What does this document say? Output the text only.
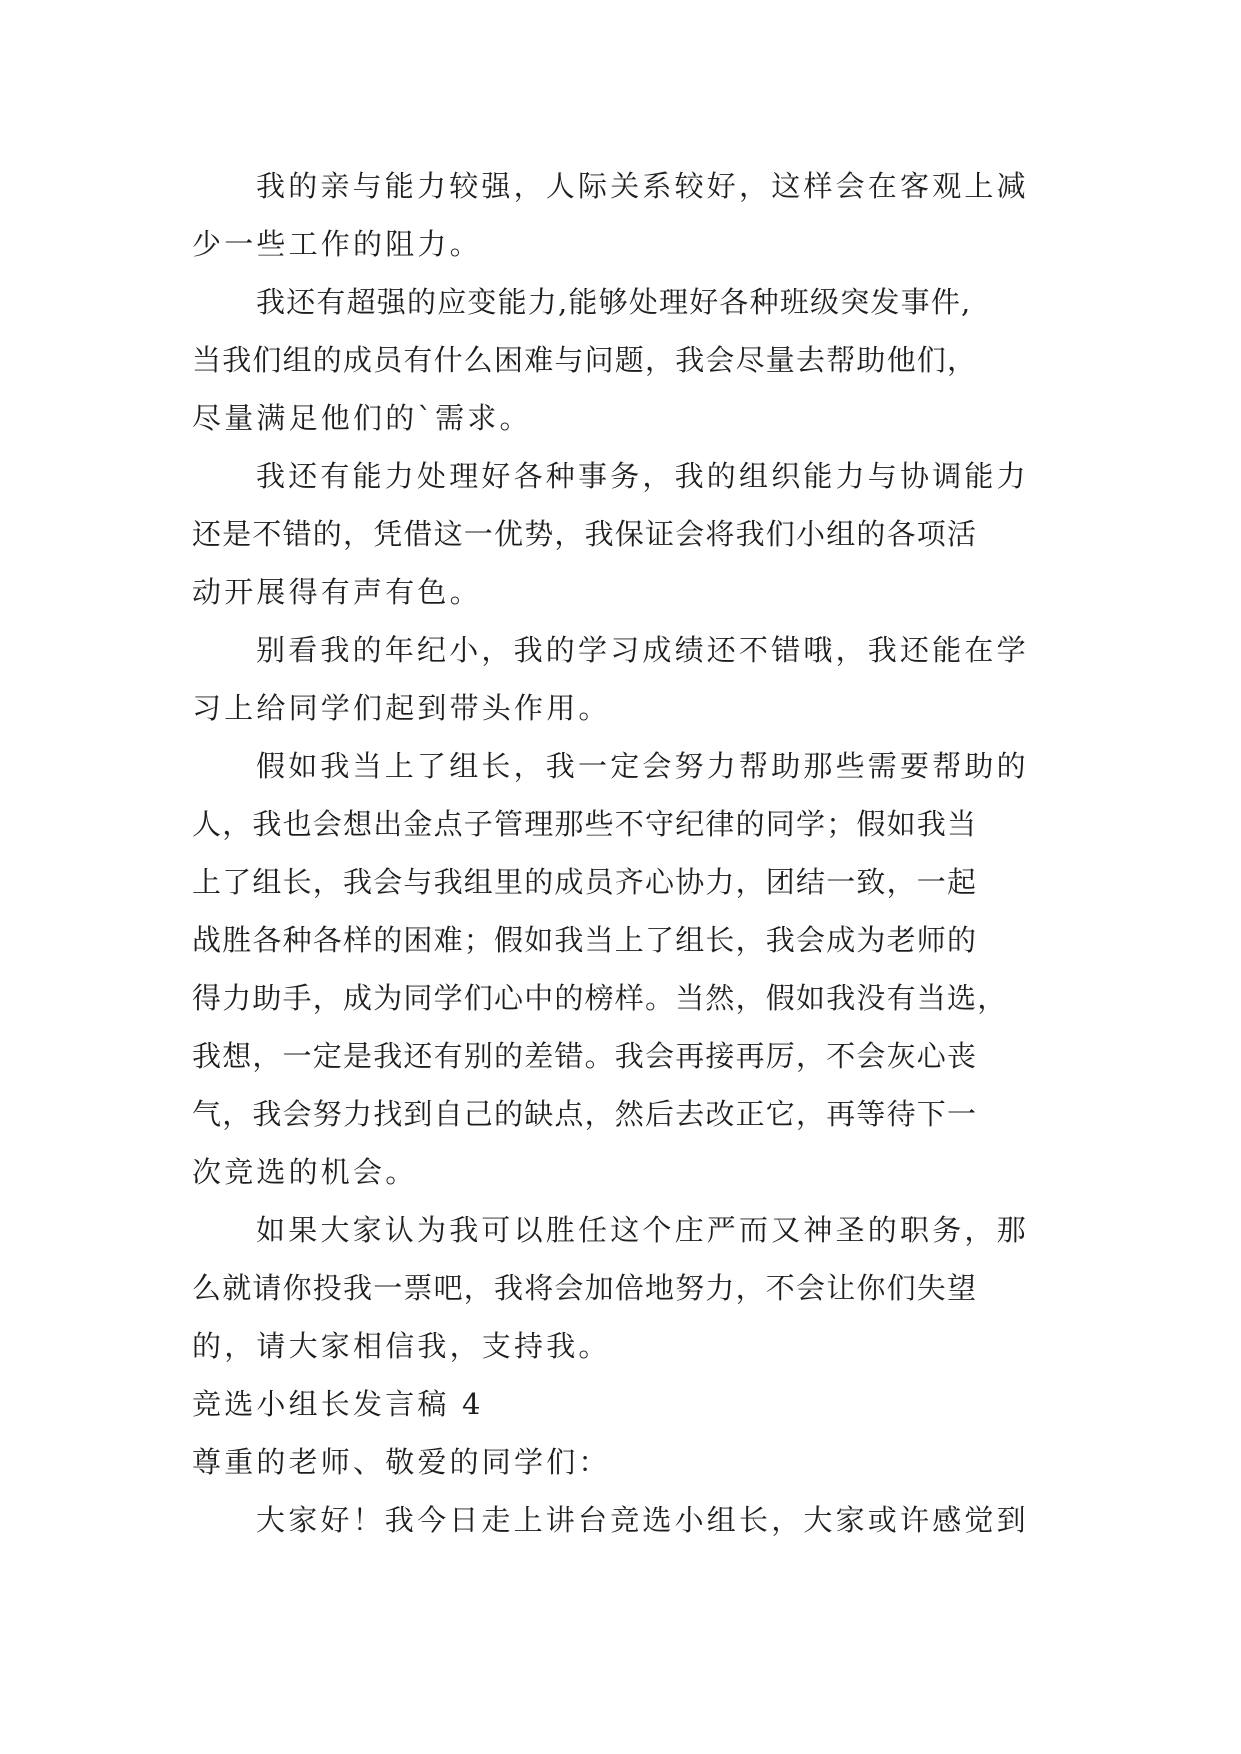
我的亲与能力较强，人际关系较好，这样会在客观上减
少一些工作的阻力。
我还有超强的应变能力,能够处理好各种班级突发事件,
当我们组的成员有什么困难与问题，我会尽量去帮助他们，
尽量满足他们的`需求。
我还有能力处理好各种事务，我的组织能力与协调能力
还是不错的，凭借这一优势，我保证会将我们小组的各项活
动开展得有声有色。
别看我的年纪小，我的学习成绩还不错哦，我还能在学
习上给同学们起到带头作用。
假如我当上了组长，我一定会努力帮助那些需要帮助的
人，我也会想出金点子管理那些不守纪律的同学；假如我当
上了组长，我会与我组里的成员齐心协力，团结一致，一起
战胜各种各样的困难；假如我当上了组长，我会成为老师的
得力助手，成为同学们心中的榜样。当然，假如我没有当选，
我想，一定是我还有别的差错。我会再接再厉，不会灰心丧
气，我会努力找到自己的缺点，然后去改正它，再等待下一
次竞选的机会。
如果大家认为我可以胜任这个庄严而又神圣的职务，那
么就请你投我一票吧，我将会加倍地努力，不会让你们失望
的，请大家相信我，支持我。
竞选小组长发言稿 4
尊重的老师、敬爱的同学们：
大家好！我今日走上讲台竞选小组长，大家或许感觉到
